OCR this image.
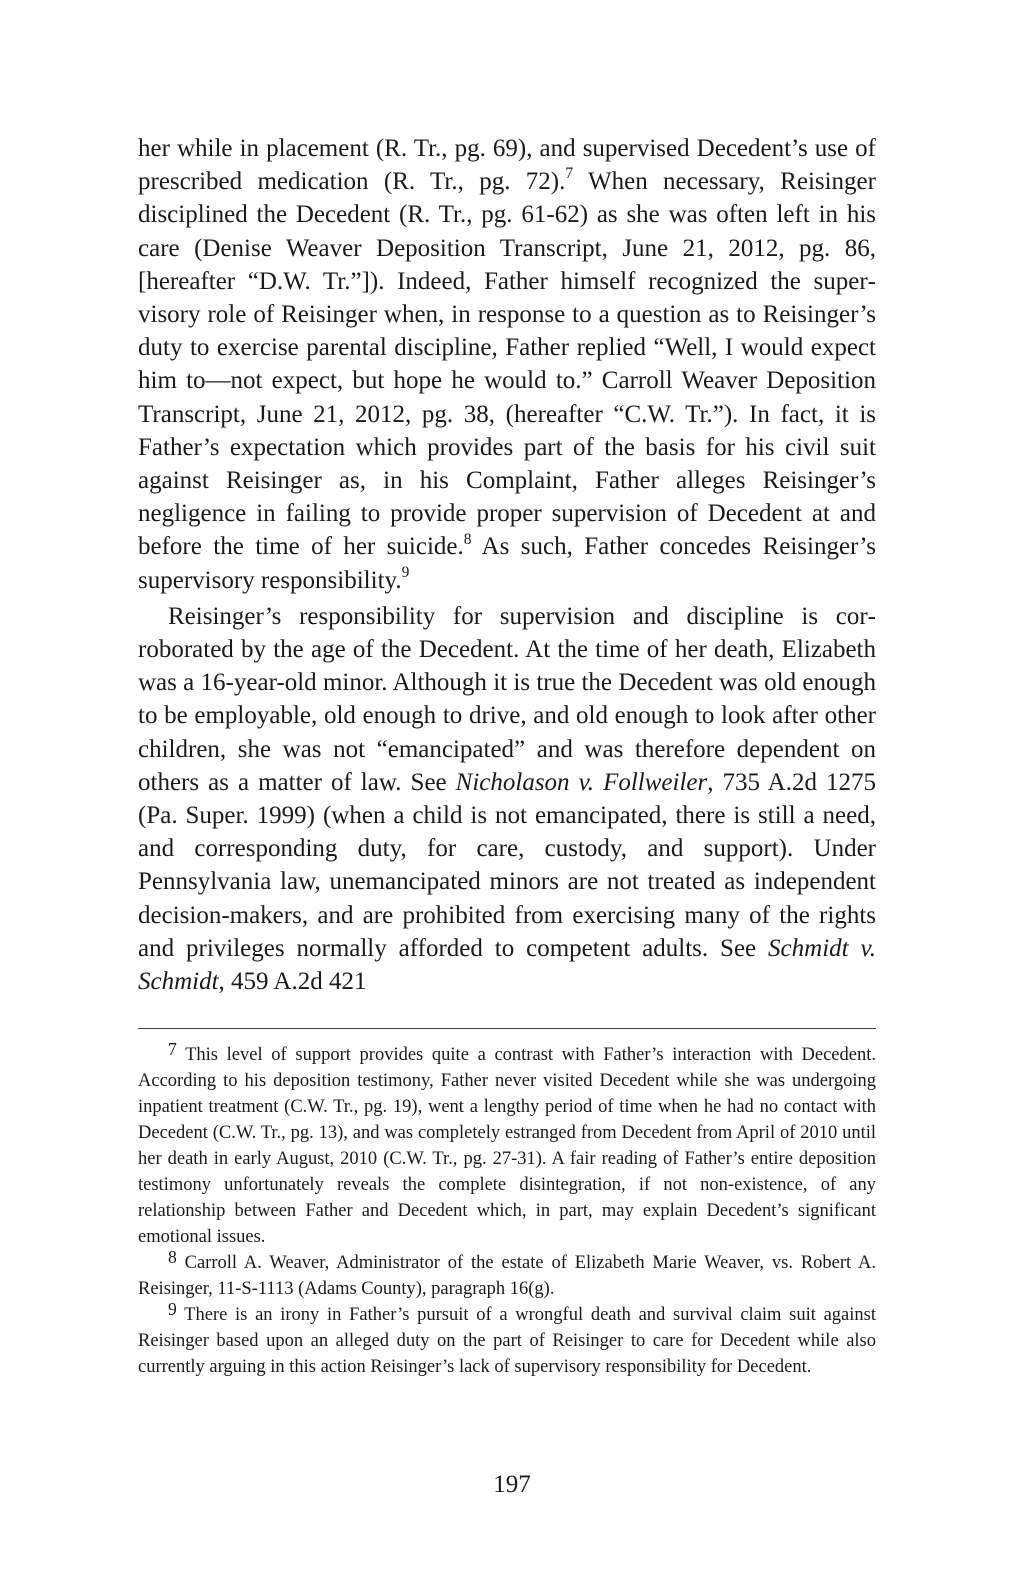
her while in placement (R. Tr., pg. 69), and supervised Decedent’s use of prescribed medication (R. Tr., pg. 72).$^7$ When necessary, Reisinger disciplined the Decedent (R. Tr., pg. 61-62) as she was often left in his care (Denise Weaver Deposition Transcript, June 21, 2012, pg. 86, [hereafter “D.W. Tr.”]). Indeed, Father himself recognized the supervisory role of Reisinger when, in response to a question as to Reisinger’s duty to exercise parental discipline, Father replied “Well, I would expect him to—not expect, but hope he would to.” Carroll Weaver Deposition Transcript, June 21, 2012, pg. 38, (hereafter “C.W. Tr.”). In fact, it is Father’s expectation which provides part of the basis for his civil suit against Reisinger as, in his Complaint, Father alleges Reisinger’s negligence in failing to provide proper supervision of Decedent at and before the time of her suicide.$^8$ As such, Father concedes Reisinger’s supervisory responsibility.$^9$

Reisinger’s responsibility for supervision and discipline is corroborated by the age of the Decedent. At the time of her death, Elizabeth was a 16-year-old minor. Although it is true the Decedent was old enough to be employable, old enough to drive, and old enough to look after other children, she was not “emancipated” and was therefore dependent on others as a matter of law. See Nicholason v. Follweiler, 735 A.2d 1275 (Pa. Super. 1999) (when a child is not emancipated, there is still a need, and corresponding duty, for care, custody, and support). Under Pennsylvania law, unemancipated minors are not treated as independent decision-makers, and are prohibited from exercising many of the rights and privileges normally afforded to competent adults. See Schmidt v. Schmidt, 459 A.2d 421

$^7$ This level of support provides quite a contrast with Father’s interaction with Decedent. According to his deposition testimony, Father never visited Decedent while she was undergoing inpatient treatment (C.W. Tr., pg. 19), went a lengthy period of time when he had no contact with Decedent (C.W. Tr., pg. 13), and was completely estranged from Decedent from April of 2010 until her death in early August, 2010 (C.W. Tr., pg. 27-31). A fair reading of Father’s entire deposition testimony unfortunately reveals the complete disintegration, if not non-existence, of any relationship between Father and Decedent which, in part, may explain Decedent’s significant emotional issues.

$^8$ Carroll A. Weaver, Administrator of the estate of Elizabeth Marie Weaver, vs. Robert A. Reisinger, 11-S-1113 (Adams County), paragraph 16(g).

$^9$ There is an irony in Father’s pursuit of a wrongful death and survival claim suit against Reisinger based upon an alleged duty on the part of Reisinger to care for Decedent while also currently arguing in this action Reisinger’s lack of supervisory responsibility for Decedent.

197
